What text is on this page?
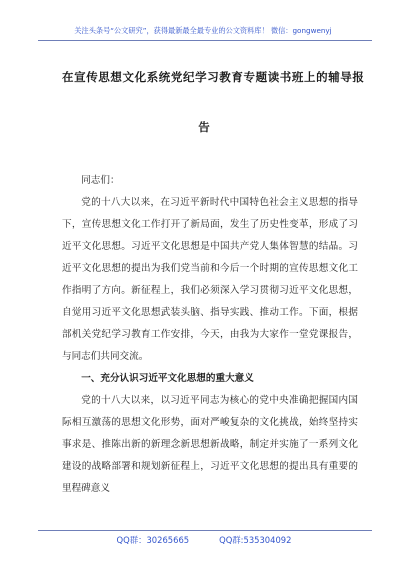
关注头条号“公文研究”，获得最新最全最专业的公文资料库！ 微信：gongwenyj
在宣传思想文化系统党纪学习教育专题读书班上的辅导报
告

同志们：

党的十八大以来，在习近平新时代中国特色社会主义思想的指导下，宣传思想文化工作打开了新局面，发生了历史性变革，形成了习近平文化思想。习近平文化思想是中国共产党人集体智慧的结晶。习近平文化思想的提出为我们党当前和今后一个时期的宣传思想文化工作指明了方向。新征程上，我们必须深入学习贯彻习近平文化思想，自觉用习近平文化思想武装头脑、指导实践、推动工作。下面，根据部机关党纪学习教育工作安排，今天，由我为大家作一堂党课报告，与同志们共同交流。

一、充分认识习近平文化思想的重大意义

党的十八大以来，以习近平同志为核心的党中央准确把握国内国际相互激荡的思想文化形势，面对严峻复杂的文化挑战，始终坚持实事求是、推陈出新的新理念新思想新战略，制定并实施了一系列文化建设的战略部署和规划新征程上，习近平文化思想的提出具有重要的里程碑意义

QQ群：30265665	QQ群:535304092
